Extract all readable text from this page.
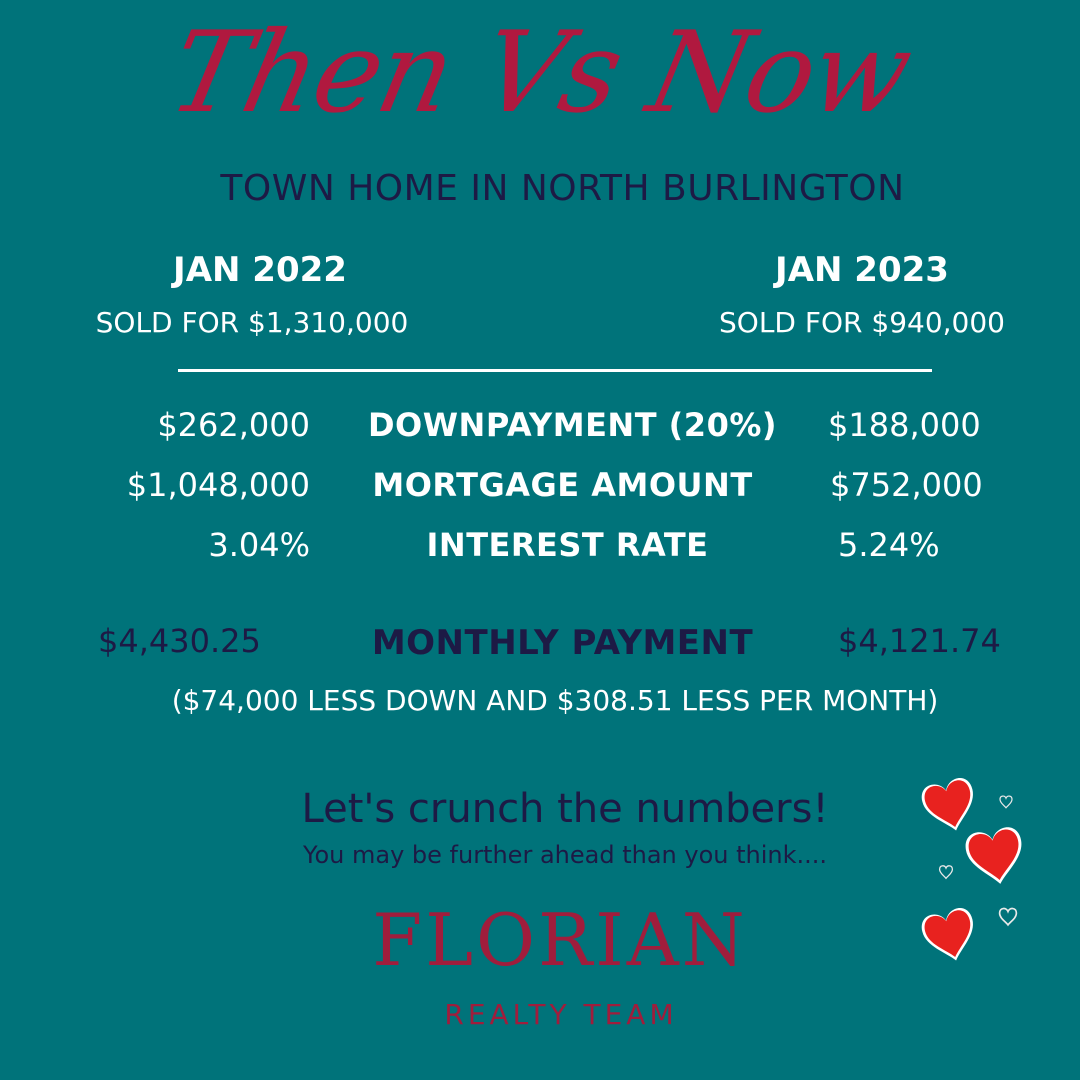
Then Vs Now
TOWN HOME IN NORTH BURLINGTON
JAN 2022
SOLD FOR $1,310,000
JAN 2023
SOLD FOR $940,000
$262,000	DOWNPAYMENT (20%)	$188,000
$1,048,000	MORTGAGE AMOUNT	$752,000
3.04%	INTEREST RATE	5.24%
$4,430.25	MONTHLY PAYMENT	$4,121.74
($74,000 LESS DOWN AND $308.51 LESS PER MONTH)
Let's crunch the numbers!
You may be further ahead than you think....
FLORIAN
REALTY TEAM
